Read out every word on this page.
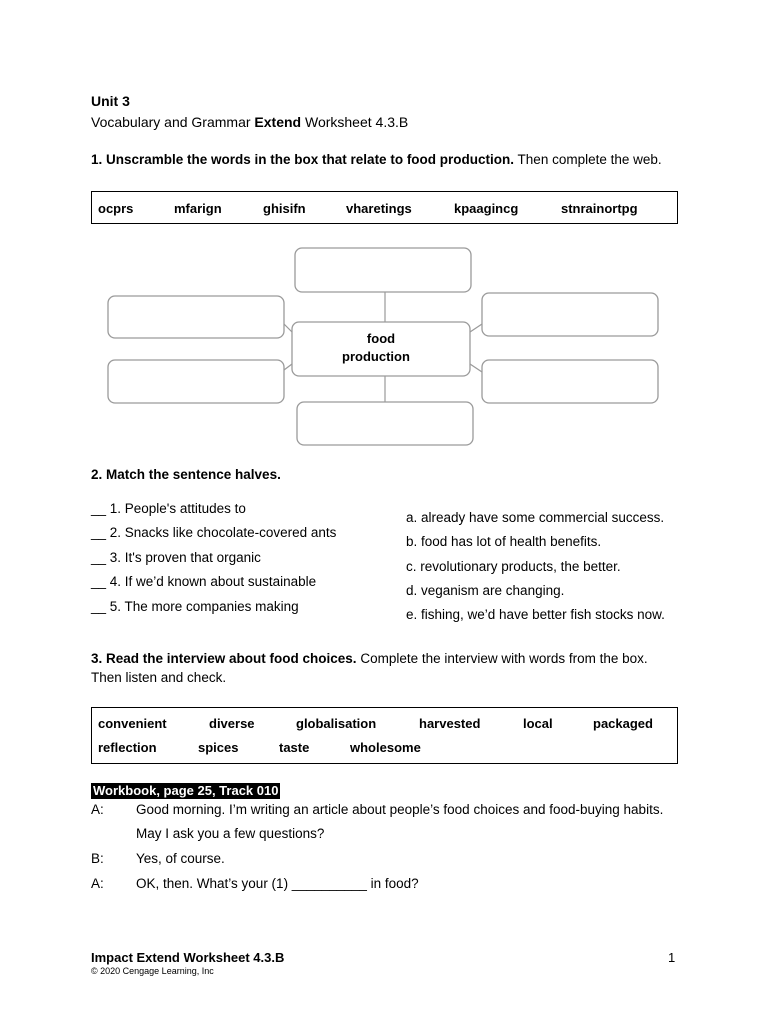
Unit 3
Vocabulary and Grammar Extend Worksheet 4.3.B
1. Unscramble the words in the box that relate to food production. Then complete the web.
ocprs	mfarign	ghisifn	vharetings	kpaagincg	stnrainortpg
food
production
2. Match the sentence halves.
__ 1. People's attitudes to
__ 2. Snacks like chocolate-covered ants
__ 3. It's proven that organic
__ 4. If we’d known about sustainable
__ 5. The more companies making
a. already have some commercial success.
b. food has lot of health benefits.
c. revolutionary products, the better.
d. veganism are changing.
e. fishing, we’d have better fish stocks now.
3. Read the interview about food choices. Complete the interview with words from the box.
Then listen and check.
convenient	diverse	globalisation	harvested	local	packaged
reflection	spices	taste	wholesome
Workbook, page 25, Track 010
A: Good morning. I’m writing an article about people’s food choices and food-buying habits.
May I ask you a few questions?
B: Yes, of course.
A: OK, then. What’s your (1) __________ in food?
Impact Extend Worksheet 4.3.B
© 2020 Cengage Learning, Inc
1
